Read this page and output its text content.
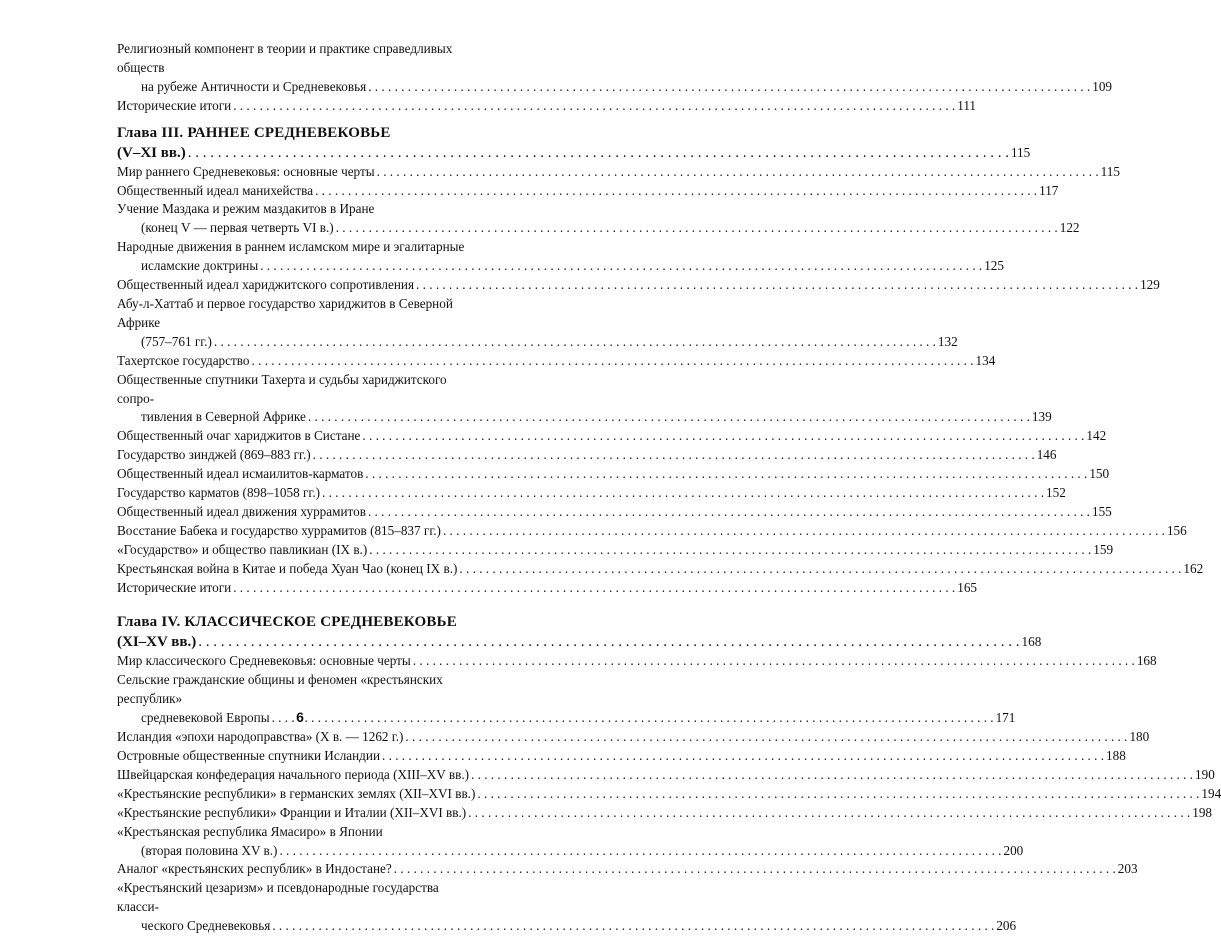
Религиозный компонент в теории и практике справедливых обществ
на рубеже Античности и Средневековья . . .	109
Исторические итоги . . .	111
Глава III. РАННЕЕ СРЕДНЕВЕКОВЬЕ
(V–XI вв.) . . .	115
Мир раннего Средневековья: основные черты . . .	115
Общественный идеал манихейства . . .	117
Учение Маздака и режим маздакитов в Иране
(конец V — первая четверть VI в.) . . .	122
Народные движения в раннем исламском мире и эгалитарные
исламские доктрины . . .	125
Общественный идеал хариджитского сопротивления . . .	129
Абу-л-Хаттаб и первое государство хариджитов в Северной Африке
(757–761 гг.) . . .	132
Тахертское государство . . .	134
Общественные спутники Тахерта и судьбы хариджитского сопро-
тивления в Северной Африке . . .	139
Общественный очаг хариджитов в Систане . . .	142
Государство зинджей (869–883 гг.) . . .	146
Общественный идеал исмаилитов-карматов . . .	150
Государство карматов (898–1058 гг.) . . .	152
Общественный идеал движения хуррамитов . . .	155
Восстание Бабека и государство хуррамитов (815–837 гг.) . . .	156
«Государство» и общество павликиан (IX в.) . . .	159
Крестьянская война в Китае и победа Хуан Чао (конец IX в.) . . .	162
Исторические итоги . . .	165
Глава IV. КЛАССИЧЕСКОЕ СРЕДНЕВЕКОВЬЕ
(XI–XV вв.) . . .	168
Мир классического Средневековья: основные черты . . .	168
Сельские гражданские общины и феномен «крестьянских республик»
средневековой Европы . . .	171
Исландия «эпохи народоправства» (X в. — 1262 г.) . . .	180
Островные общественные спутники Исландии . . .	188
Швейцарская конфедерация начального периода (XIII–XV вв.) . . .	190
«Крестьянские республики» в германских землях (XII–XVI вв.) . . .	194
«Крестьянские республики» Франции и Италии (XII–XVI вв.) . . .	198
«Крестьянская республика Ямасиро» в Японии
(вторая половина XV в.) . . .	200
Аналог «крестьянских республик» в Индостане? . . .	203
«Крестьянский цезаризм» и псевдонародные государства класси-
ческого Средневековья . . .	206
6
